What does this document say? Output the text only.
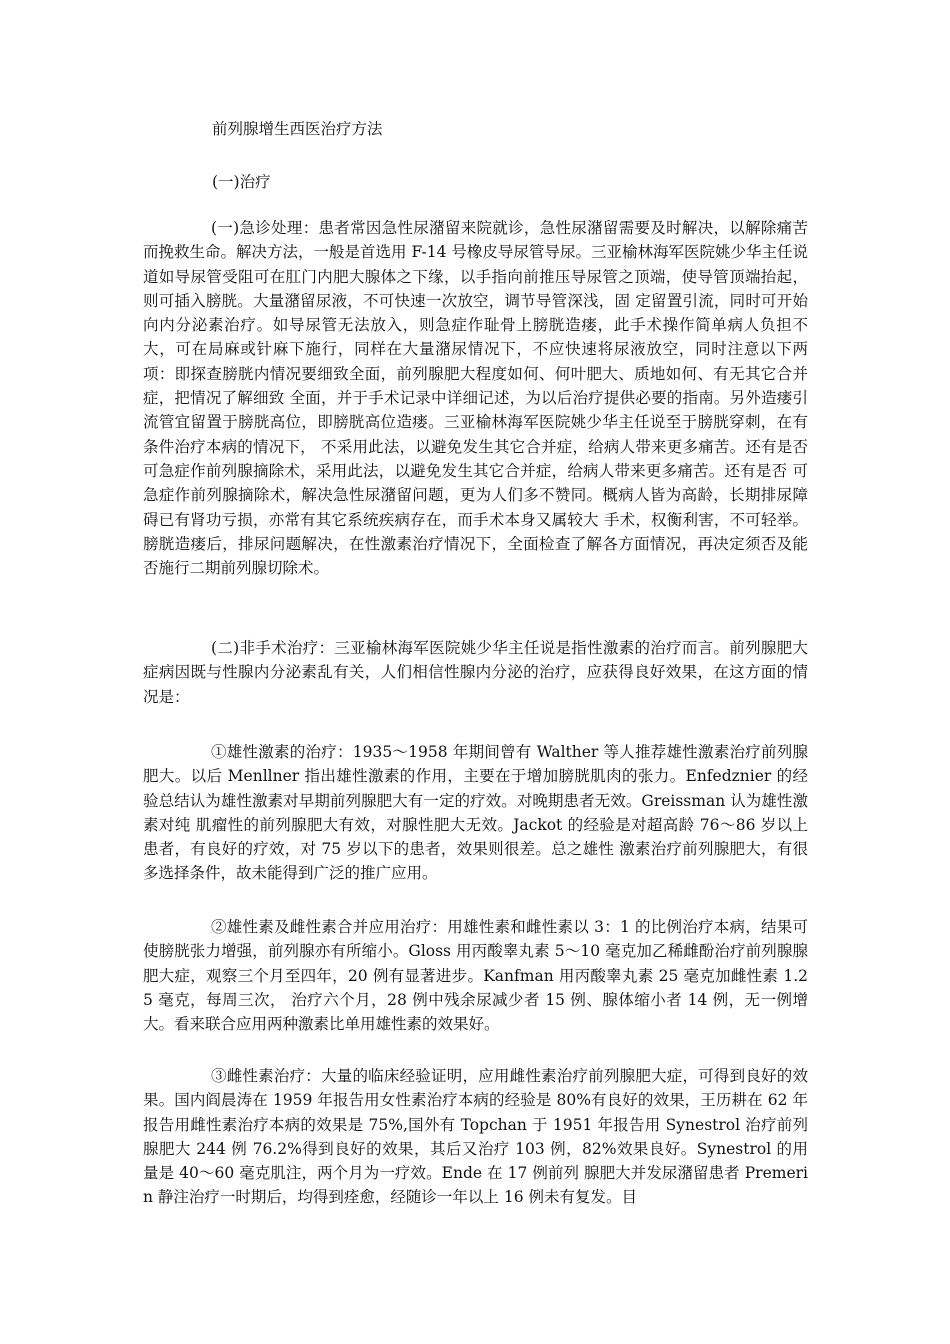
前列腺增生西医治疗方法
(一)治疗

(一)急诊处理：患者常因急性尿潴留来院就诊，急性尿潴留需要及时解决，以解除痛苦而挽救生命。解决方法，一般是首选用 F-14 号橡皮导尿管导尿。三亚榆林海军医院姚少华主任说道如导尿管受阻可在肛门内肥大腺体之下缘，以手指向前推压导尿管之顶端，使导管顶端抬起，则可插入膀胱。大量潴留尿液，不可快速一次放空，调节导管深浅，固 定留置引流，同时可开始向内分泌素治疗。如导尿管无法放入，则急症作耻骨上膀胱造瘘，此手术操作简单病人负担不大，可在局麻或针麻下施行，同样在大量潴尿情况下，不应快速将尿液放空，同时注意以下两项：即探查膀胱内情况要细致全面，前列腺肥大程度如何、何叶肥大、质地如何、有无其它合并症，把情况了解细致 全面，并于手术记录中详细记述，为以后治疗提供必要的指南。另外造瘘引流管宜留置于膀胱高位，即膀胱高位造瘘。三亚榆林海军医院姚少华主任说至于膀胱穿刺，在有条件治疗本病的情况下， 不采用此法，以避免发生其它合并症，给病人带来更多痛苦。还有是否可急症作前列腺摘除术，采用此法，以避免发生其它合并症，给病人带来更多痛苦。还有是否 可急症作前列腺摘除术，解决急性尿潴留问题，更为人们多不赞同。概病人皆为高龄，长期排尿障碍已有肾功亏损，亦常有其它系统疾病存在，而手术本身又属较大 手术，权衡利害，不可轻举。膀胱造瘘后，排尿问题解决，在性激素治疗情况下，全面检查了解各方面情况，再决定须否及能否施行二期前列腺切除术。

(二)非手术治疗：三亚榆林海军医院姚少华主任说是指性激素的治疗而言。前列腺肥大症病因既与性腺内分泌素乱有关，人们相信性腺内分泌的治疗，应获得良好效果，在这方面的情况是：

①雄性激素的治疗：1935～1958 年期间曾有 Walther 等人推荐雄性激素治疗前列腺肥大。以后 Menllner 指出雄性激素的作用，主要在于增加膀胱肌肉的张力。Enfedznier 的经验总结认为雄性激素对早期前列腺肥大有一定的疗效。对晚期患者无效。Greissman 认为雄性激素对纯 肌瘤性的前列腺肥大有效，对腺性肥大无效。Jackot 的经验是对超高龄 76～86 岁以上患者，有良好的疗效，对 75 岁以下的患者，效果则很差。总之雄性 激素治疗前列腺肥大，有很多选择条件，故未能得到广泛的推广应用。

②雄性素及雌性素合并应用治疗：用雄性素和雌性素以 3：1 的比例治疗本病，结果可使膀胱张力增强，前列腺亦有所缩小。Gloss 用丙酸睾丸素 5～10 毫克加乙稀雌酚治疗前列腺腺肥大症，观察三个月至四年，20 例有显著进步。Kanfman 用丙酸睾丸素 25 毫克加雌性素 1.25 毫克，每周三次， 治疗六个月，28 例中残余尿减少者 15 例、腺体缩小者 14 例，无一例增大。看来联合应用两种激素比单用雄性素的效果好。

③雌性素治疗：大量的临床经验证明，应用雌性素治疗前列腺肥大症，可得到良好的效果。国内阎晨涛在 1959 年报告用女性素治疗本病的经验是 80%有良好的效果，王历耕在 62 年报告用雌性素治疗本病的效果是 75%,国外有 Topchan 于 1951 年报告用 Synestrol 治疗前列腺肥大 244 例 76.2%得到良好的效果，其后又治疗 103 例，82%效果良好。Synestrol 的用量是 40～60 毫克肌注，两个月为一疗效。Ende 在 17 例前列 腺肥大并发尿潴留患者 Premerin 静注治疗一时期后，均得到痊愈，经随诊一年以上 16 例未有复发。目
